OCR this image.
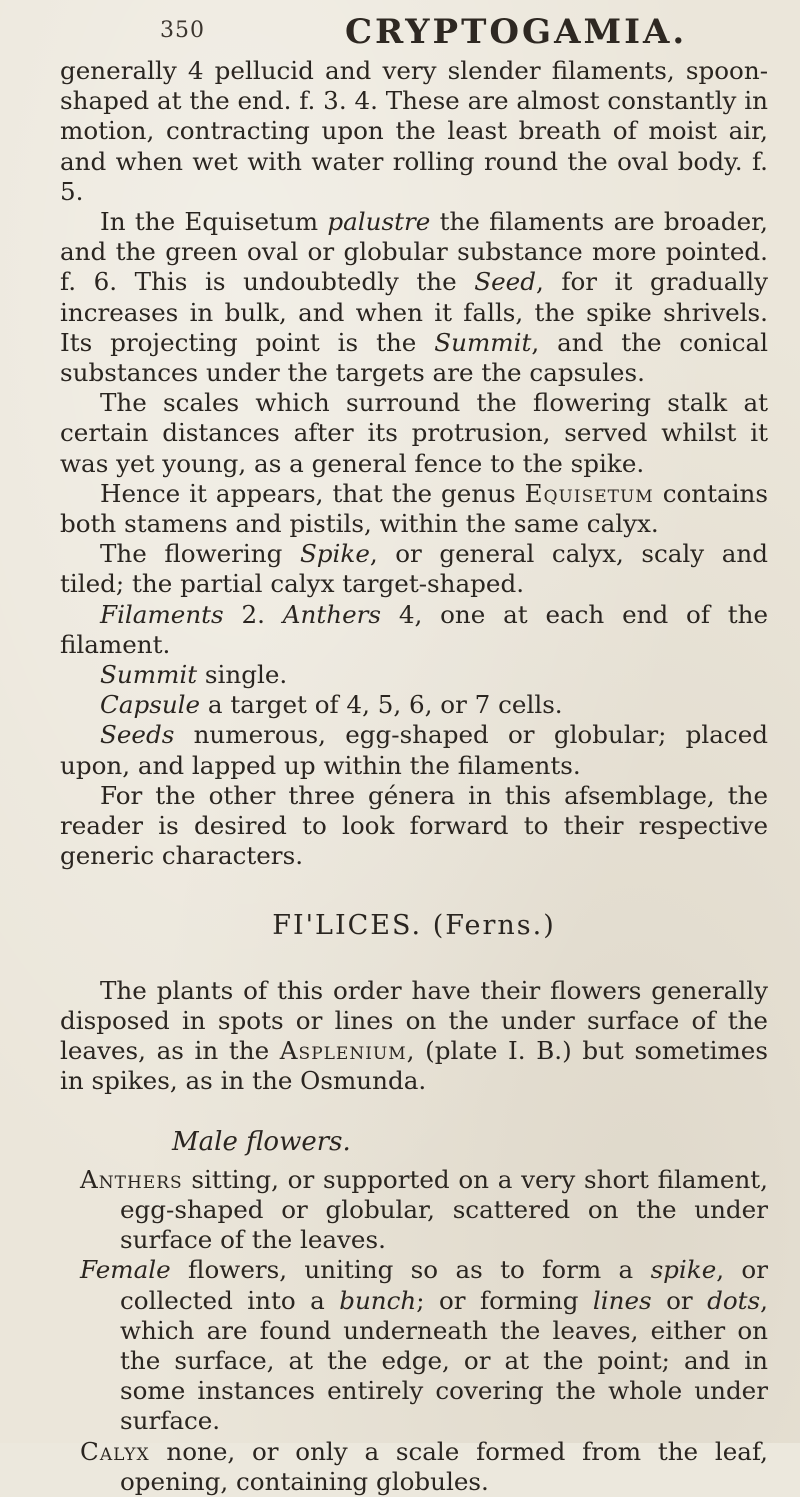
350	CRYPTOGAMIA.

generally 4 pellucid and very slender filaments, spoon-shaped at the end. f. 3. 4. These are almost constantly in motion, contracting upon the least breath of moist air, and when wet with water rolling round the oval body. f. 5.

In the Equisetum palustre the filaments are broader, and the green oval or globular substance more pointed. f. 6. This is undoubtedly the Seed, for it gradually increases in bulk, and when it falls, the spike shrivels. Its projecting point is the Summit, and the conical substances under the targets are the capsules.

The scales which surround the flowering stalk at certain distances after its protrusion, served whilst it was yet young, as a general fence to the spike.

Hence it appears, that the genus Equisetum contains both stamens and pistils, within the same calyx.

The flowering Spike, or general calyx, scaly and tiled; the partial calyx target-shaped.

Filaments 2. Anthers 4, one at each end of the filament.

Summit single.

Capsule a target of 4, 5, 6, or 7 cells.

Seeds numerous, egg-shaped or globular; placed upon, and lapped up within the filaments.

For the other three génera in this afsemblage, the reader is desired to look forward to their respective generic characters.

FI'LICES. (Ferns.)

The plants of this order have their flowers generally disposed in spots or lines on the under surface of the leaves, as in the Asplenium, (plate I. B.) but sometimes in spikes, as in the Osmunda.

Male flowers.

Anthers sitting, or supported on a very short filament, egg-shaped or globular, scattered on the under surface of the leaves.

Female flowers, uniting so as to form a spike, or collected into a bunch; or forming lines or dots, which are found underneath the leaves, either on the surface, at the edge, or at the point; and in some instances entirely covering the whole under surface.

Calyx none, or only a scale formed from the leaf, opening, containing globules.
